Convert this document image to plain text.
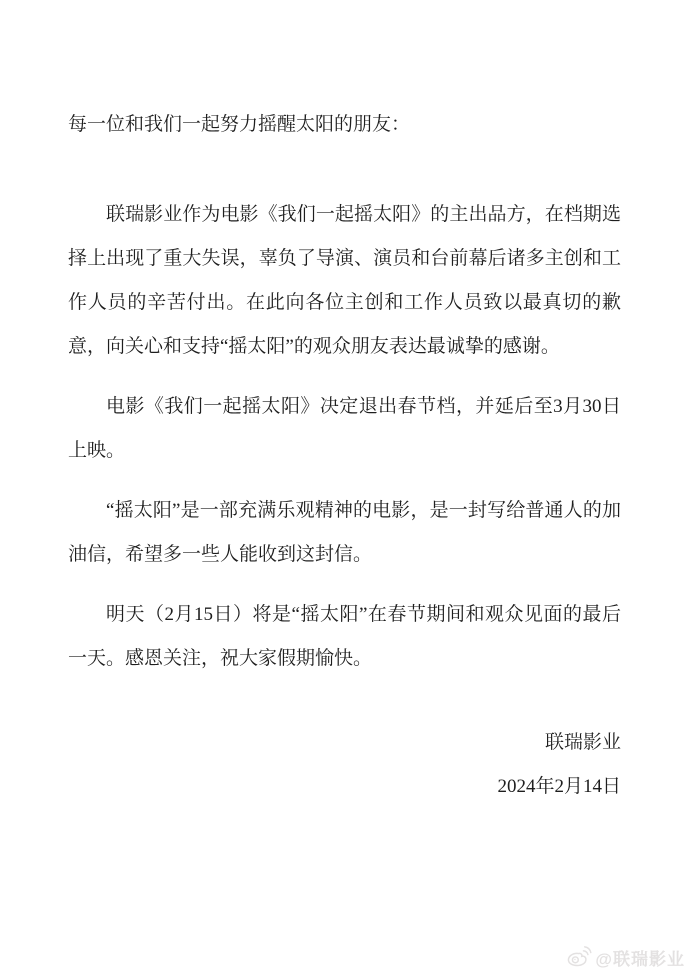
每一位和我们一起努力摇醒太阳的朋友：

联瑞影业作为电影《我们一起摇太阳》的主出品方，在档期选择上出现了重大失误，辜负了导演、演员和台前幕后诸多主创和工作人员的辛苦付出。在此向各位主创和工作人员致以最真切的歉意，向关心和支持“摇太阳”的观众朋友表达最诚挚的感谢。

电影《我们一起摇太阳》决定退出春节档，并延后至3月30日上映。

“摇太阳”是一部充满乐观精神的电影，是一封写给普通人的加油信，希望多一些人能收到这封信。

明天（2月15日）将是“摇太阳”在春节期间和观众见面的最后一天。感恩关注，祝大家假期愉快。

联瑞影业

2024年2月14日

@联瑞影业
